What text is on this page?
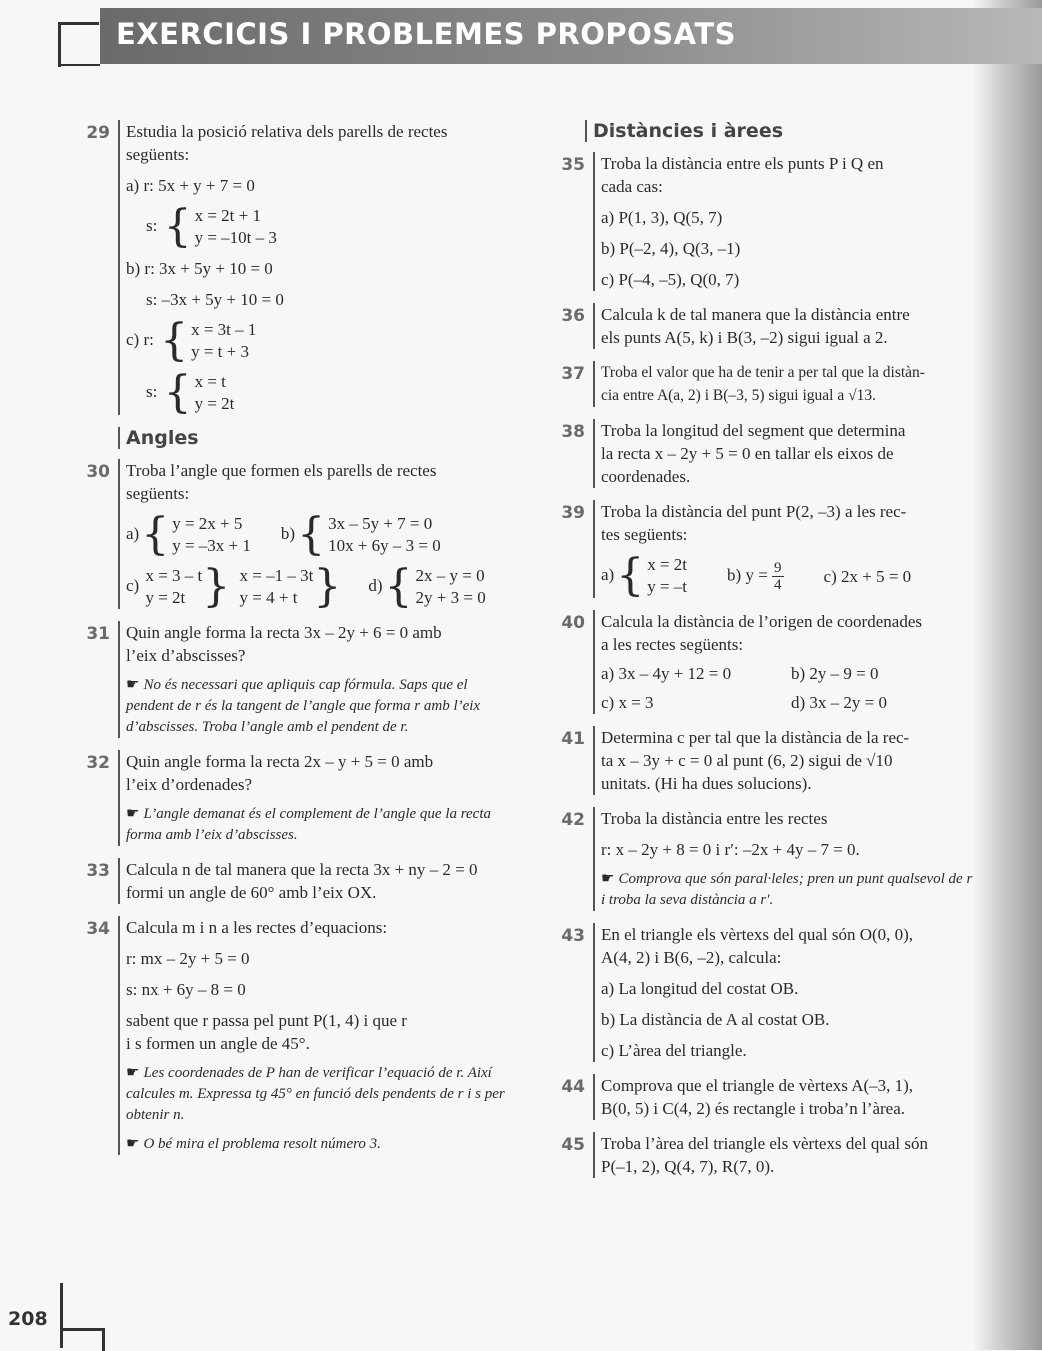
EXERCICIS I PROBLEMES PROPOSATS
29 Estudia la posició relativa dels parells de rectes
següents:
a) r: 5x + y + 7 = 0
s: { x = 2t + 1
y = –10t – 3
b) r: 3x + 5y + 10 = 0
s: –3x + 5y + 10 = 0
c) r: { x = 3t – 1
y = t + 3
s: { x = t
y = 2t
Angles
30 Troba l’angle que formen els parells de rectes
següents:
a) { y = 2x + 5
y = –3x + 1
b) { 3x – 5y + 7 = 0
10x + 6y – 3 = 0
c)
x = 3 – t
y = 2t }
x = –1 – 3t
y = 4 + t } d) { 2x – y = 0
2y + 3 = 0
31 Quin angle forma la recta 3x – 2y + 6 = 0 amb
l’eix d’abscisses?
☛ No és necessari que apliquis cap fórmula. Saps que el pendent de r és la tangent de l’angle que forma r amb l’eix d’abscisses. Troba l’angle amb el pendent de r.
32 Quin angle forma la recta 2x – y + 5 = 0 amb
l’eix d’ordenades?
☛ L’angle demanat és el complement de l’angle que la recta forma amb l’eix d’abscisses.
33 Calcula n de tal manera que la recta 3x + ny – 2 = 0
formi un angle de 60° amb l’eix OX.
34 Calcula m i n a les rectes d’equacions:
r: mx – 2y + 5 = 0
s: nx + 6y – 8 = 0
sabent que r passa pel punt P(1, 4) i que r
i s formen un angle de 45°.
☛ Les coordenades de P han de verificar l’equació de r. Així calcules m. Expressa tg 45° en funció dels pendents de r i s per obtenir n.
☛ O bé mira el problema resolt número 3.
Distàncies i àrees
35 Troba la distància entre els punts P i Q en
cada cas:
a) P(1, 3), Q(5, 7)
b) P(–2, 4), Q(3, –1)
c) P(–4, –5), Q(0, 7)
36 Calcula k de tal manera que la distància entre
els punts A(5, k) i B(3, –2) sigui igual a 2.
37	Troba el valor que ha de tenir a per tal que la distàn-
cia entre A(a, 2) i B(–3, 5) sigui igual a √13.
38 Troba la longitud del segment que determina
la recta x – 2y + 5 = 0 en tallar els eixos de
coordenades.
39 Troba la distància del punt P(2, –3) a les rec-
tes següents:
a) { x = 2t
y = –t
b) $y = \frac{9}{4} c$) 2x + 5 = 0
40 Calcula la distància de l’origen de coordenades
a les rectes següents:
a) 3x – 4y + 12 = 0	b) 2y – 9 = 0
c) x = 3	d) 3x – 2y = 0
41 Determina c per tal que la distància de la rec-
ta x – 3y + c = 0 al punt (6, 2) sigui de √10
unitats. (Hi ha dues solucions).
42 Troba la distància entre les rectes
r: x – 2y + 8 = 0 i r′: –2x + 4y – 7 = 0.
☛ Comprova que són paral·leles; pren un punt qualsevol de r i troba la seva distància a r′.
43 En el triangle els vèrtexs del qual són O(0, 0),
A(4, 2) i B(6, –2), calcula:
a) La longitud del costat OB.
b) La distància de A al costat OB.
c) L’àrea del triangle.
44 Comprova que el triangle de vèrtexs A(–3, 1),
B(0, 5) i C(4, 2) és rectangle i troba’n l’àrea.
45 Troba l’àrea del triangle els vèrtexs del qual són
P(–1, 2), Q(4, 7), R(7, 0).
208
